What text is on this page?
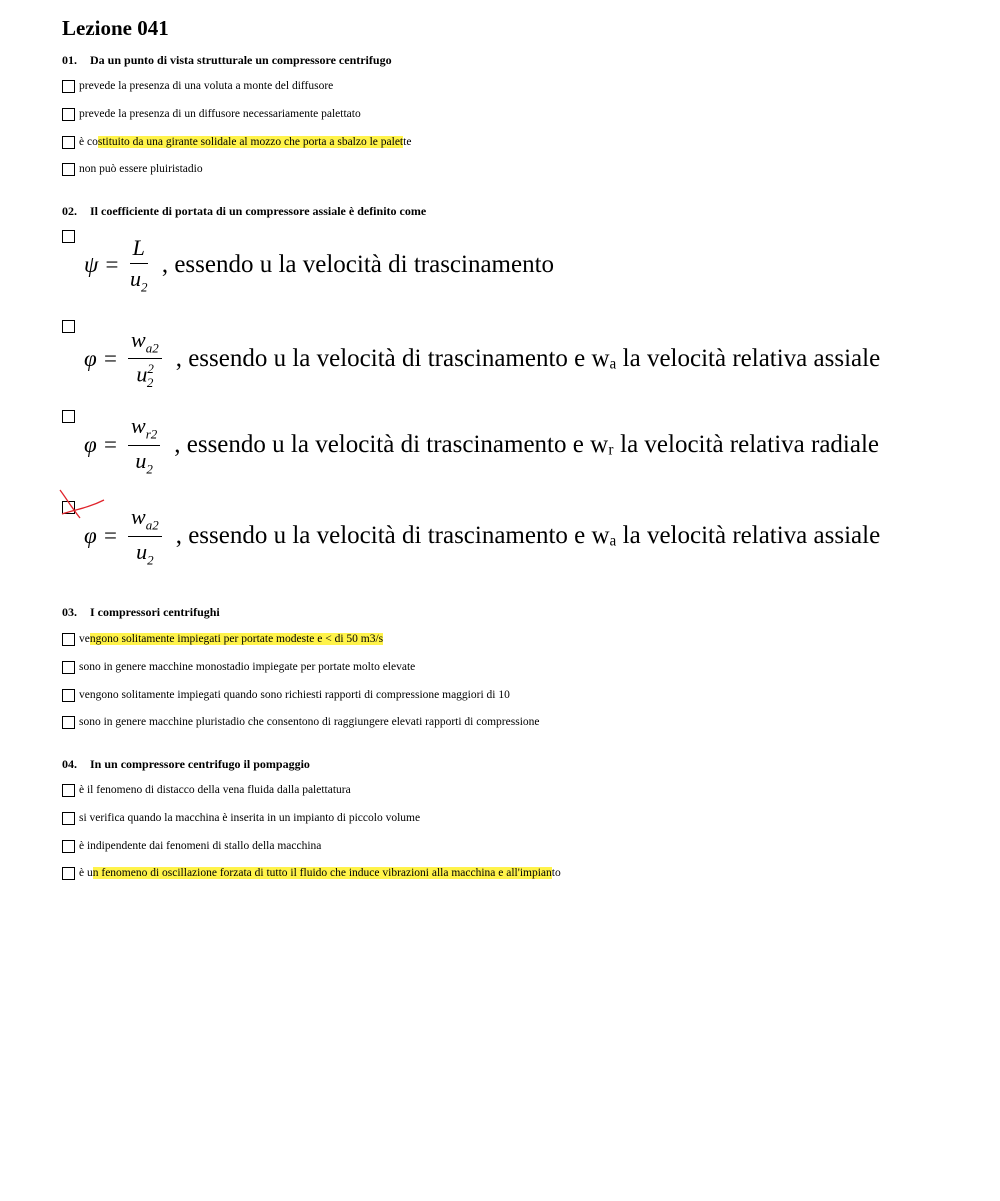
Lezione 041
01. Da un punto di vista strutturale un compressore centrifugo
prevede la presenza di una voluta a monte del diffusore
prevede la presenza di un diffusore necessariamente palettato
è co stituito da una girante solidale al mozzo che porta a sbalzo le palet te
non può essere pluiristadio
02. Il coefficiente di portata di un compressore assiale è definito come
$\psi = \frac{L}{u_2}$ , essendo u la velocità di trascinamento
$\varphi = \frac{w_{a2}}{u^2_2}$ , essendo u la velocità di trascinamento e wₐ la velocità relativa assiale
$\varphi = \frac{w_{r2}}{u_2}$ , essendo u la velocità di trascinamento e wᵣ la velocità relativa radiale
$\varphi = \frac{w_{a2}}{u_2}$ , essendo u la velocità di trascinamento e wₐ la velocità relativa assiale
03. I compressori centrifughi
ve ngono solitamente impiegati per portate modeste e < di 50 m3/s
sono in genere macchine monostadio impiegate per portate molto elevate
vengono solitamente impiegati quando sono richiesti rapporti di compressione maggiori di 10
sono in genere macchine pluristadio che consentono di raggiungere elevati rapporti di compressione
04. In un compressore centrifugo il pompaggio
è il fenomeno di distacco della vena fluida dalla palettatura
si verifica quando la macchina è inserita in un impianto di piccolo volume
è indipendente dai fenomeni di stallo della macchina
è u n fenomeno di oscillazione forzata di tutto il fluido che induce vibrazioni alla macchina e all'impian to
